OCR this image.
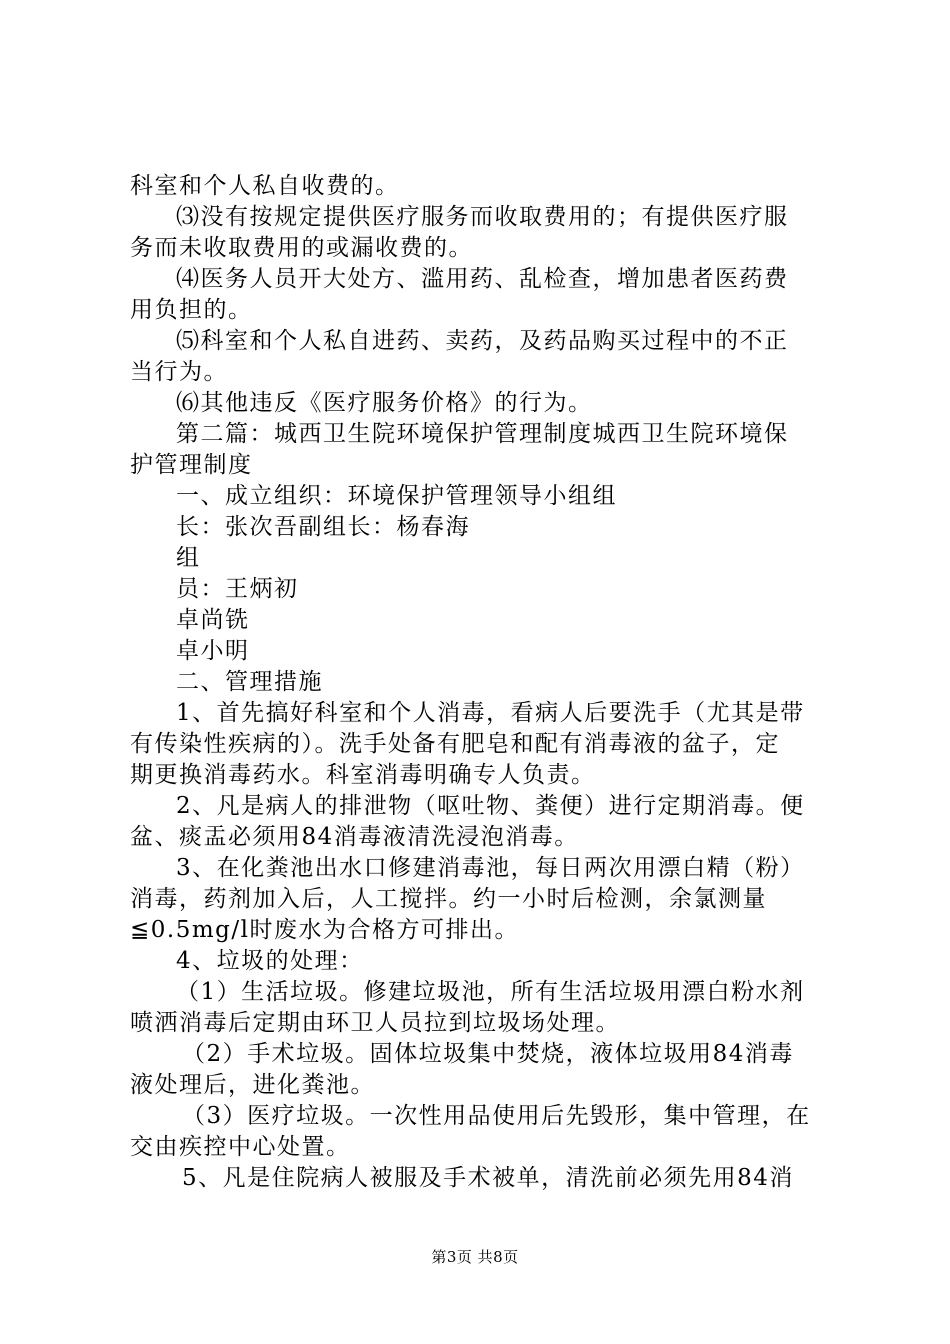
科室和个人私自收费的。
⑶没有按规定提供医疗服务而收取费用的；有提供医疗服
务而未收取费用的或漏收费的。
⑷医务人员开大处方、滥用药、乱检查，增加患者医药费
用负担的。
⑸科室和个人私自进药、卖药，及药品购买过程中的不正
当行为。
⑹其他违反《医疗服务价格》的行为。
第二篇：城西卫生院环境保护管理制度城西卫生院环境保
护管理制度
一、成立组织：环境保护管理领导小组组
长：张次吾副组长：杨春海
组
员：王炳初
卓尚铣
卓小明
二、管理措施
1、首先搞好科室和个人消毒，看病人后要洗手（尤其是带
有传染性疾病的）。洗手处备有肥皂和配有消毒液的盆子，定
期更换消毒药水。科室消毒明确专人负责。
2、凡是病人的排泄物（呕吐物、粪便）进行定期消毒。便
盆、痰盂必须用84消毒液清洗浸泡消毒。
3、在化粪池出水口修建消毒池，每日两次用漂白精（粉）
消毒，药剂加入后，人工搅拌。约一小时后检测，余氯测量
≦0.5mg/l时废水为合格方可排出。
4、垃圾的处理：
（1）生活垃圾。修建垃圾池，所有生活垃圾用漂白粉水剂
喷洒消毒后定期由环卫人员拉到垃圾场处理。
（2）手术垃圾。固体垃圾集中焚烧，液体垃圾用84消毒
液处理后，进化粪池。
（3）医疗垃圾。一次性用品使用后先毁形，集中管理，在
交由疾控中心处置。
5、凡是住院病人被服及手术被单，清洗前必须先用84消
第3页 共8页
